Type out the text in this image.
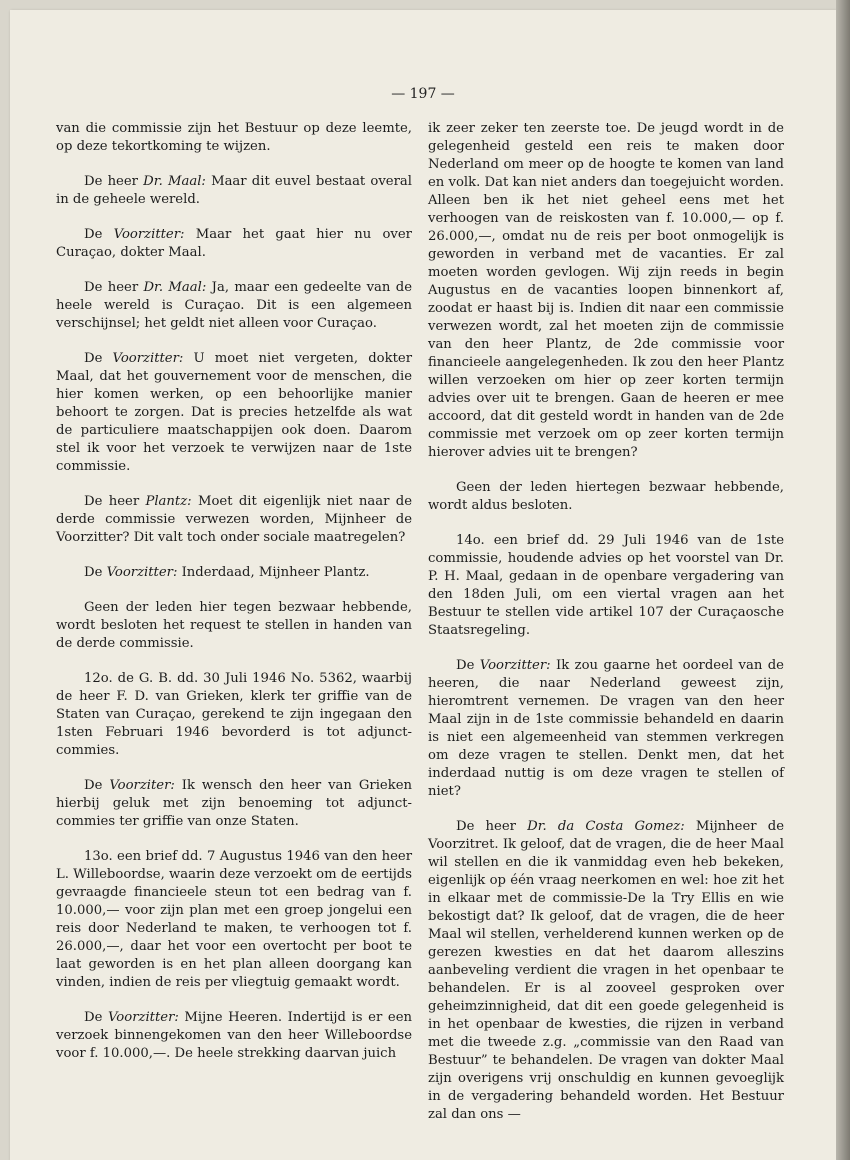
— 197 —

van die commissie zijn het Bestuur op deze leemte, op deze tekortkoming te wijzen.

De heer Dr. Maal: Maar dit euvel bestaat overal in de geheele wereld.

De Voorzitter: Maar het gaat hier nu over Curaçao, dokter Maal.

De heer Dr. Maal: Ja, maar een gedeelte van de heele wereld is Curaçao. Dit is een algemeen verschijnsel; het geldt niet alleen voor Curaçao.

De Voorzitter: U moet niet vergeten, dokter Maal, dat het gouvernement voor de menschen, die hier komen werken, op een behoorlijke manier behoort te zorgen. Dat is precies hetzelfde als wat de particuliere maatschappijen ook doen. Daarom stel ik voor het verzoek te verwijzen naar de 1ste commissie.

De heer Plantz: Moet dit eigenlijk niet naar de derde commissie verwezen worden, Mijnheer de Voorzitter? Dit valt toch onder sociale maatregelen?

De Voorzitter: Inderdaad, Mijnheer Plantz.

Geen der leden hier tegen bezwaar hebbende, wordt besloten het request te stellen in handen van de derde commissie.

12o. de G. B. dd. 30 Juli 1946 No. 5362, waarbij de heer F. D. van Grieken, klerk ter griffie van de Staten van Curaçao, gerekend te zijn ingegaan den 1sten Februari 1946 bevorderd is tot adjunct-commies.

De Voorziter: Ik wensch den heer van Grieken hierbij geluk met zijn benoeming tot adjunct-commies ter griffie van onze Staten.

13o. een brief dd. 7 Augustus 1946 van den heer L. Willeboordse, waarin deze verzoekt om de eertijds gevraagde financieele steun tot een bedrag van f. 10.000,— voor zijn plan met een groep jongelui een reis door Nederland te maken, te verhoogen tot f. 26.000,—, daar het voor een overtocht per boot te laat geworden is en het plan alleen doorgang kan vinden, indien de reis per vliegtuig gemaakt wordt.

De Voorzitter: Mijne Heeren. Indertijd is er een verzoek binnengekomen van den heer Willeboordse voor f. 10.000,—. De heele strekking daarvan juich

ik zeer zeker ten zeerste toe. De jeugd wordt in de gelegenheid gesteld een reis te maken door Nederland om meer op de hoogte te komen van land en volk. Dat kan niet anders dan toegejuicht worden. Alleen ben ik het niet geheel eens met het verhoogen van de reiskosten van f. 10.000,— op f. 26.000,—, omdat nu de reis per boot onmogelijk is geworden in verband met de vacanties. Er zal moeten worden gevlogen. Wij zijn reeds in begin Augustus en de vacanties loopen binnenkort af, zoodat er haast bij is. Indien dit naar een commissie verwezen wordt, zal het moeten zijn de commissie van den heer Plantz, de 2de commissie voor financieele aangelegenheden. Ik zou den heer Plantz willen verzoeken om hier op zeer korten termijn advies over uit te brengen. Gaan de heeren er mee accoord, dat dit gesteld wordt in handen van de 2de commissie met verzoek om op zeer korten termijn hierover advies uit te brengen?

Geen der leden hiertegen bezwaar hebbende, wordt aldus besloten.

14o. een brief dd. 29 Juli 1946 van de 1ste commissie, houdende advies op het voorstel van Dr. P. H. Maal, gedaan in de openbare vergadering van den 18den Juli, om een viertal vragen aan het Bestuur te stellen vide artikel 107 der Curaçaosche Staatsregeling.

De Voorzitter: Ik zou gaarne het oordeel van de heeren, die naar Nederland geweest zijn, hieromtrent vernemen. De vragen van den heer Maal zijn in de 1ste commissie behandeld en daarin is niet een algemeenheid van stemmen verkregen om deze vragen te stellen. Denkt men, dat het inderdaad nuttig is om deze vragen te stellen of niet?

De heer Dr. da Costa Gomez: Mijnheer de Voorzitret. Ik geloof, dat de vragen, die de heer Maal wil stellen en die ik vanmiddag even heb bekeken, eigenlijk op één vraag neerkomen en wel: hoe zit het in elkaar met de commissie-De la Try Ellis en wie bekostigt dat? Ik geloof, dat de vragen, die de heer Maal wil stellen, verhelderend kunnen werken op de gerezen kwesties en dat het daarom alleszins aanbeveling verdient die vragen in het openbaar te behandelen. Er is al zooveel gesproken over geheimzinnigheid, dat dit een goede gelegenheid is in het openbaar de kwesties, die rijzen in verband met die tweede z.g. „commissie van den Raad van Bestuur” te behandelen. De vragen van dokter Maal zijn overigens vrij onschuldig en kunnen gevoeglijk in de vergadering behandeld worden. Het Bestuur zal dan ons —
